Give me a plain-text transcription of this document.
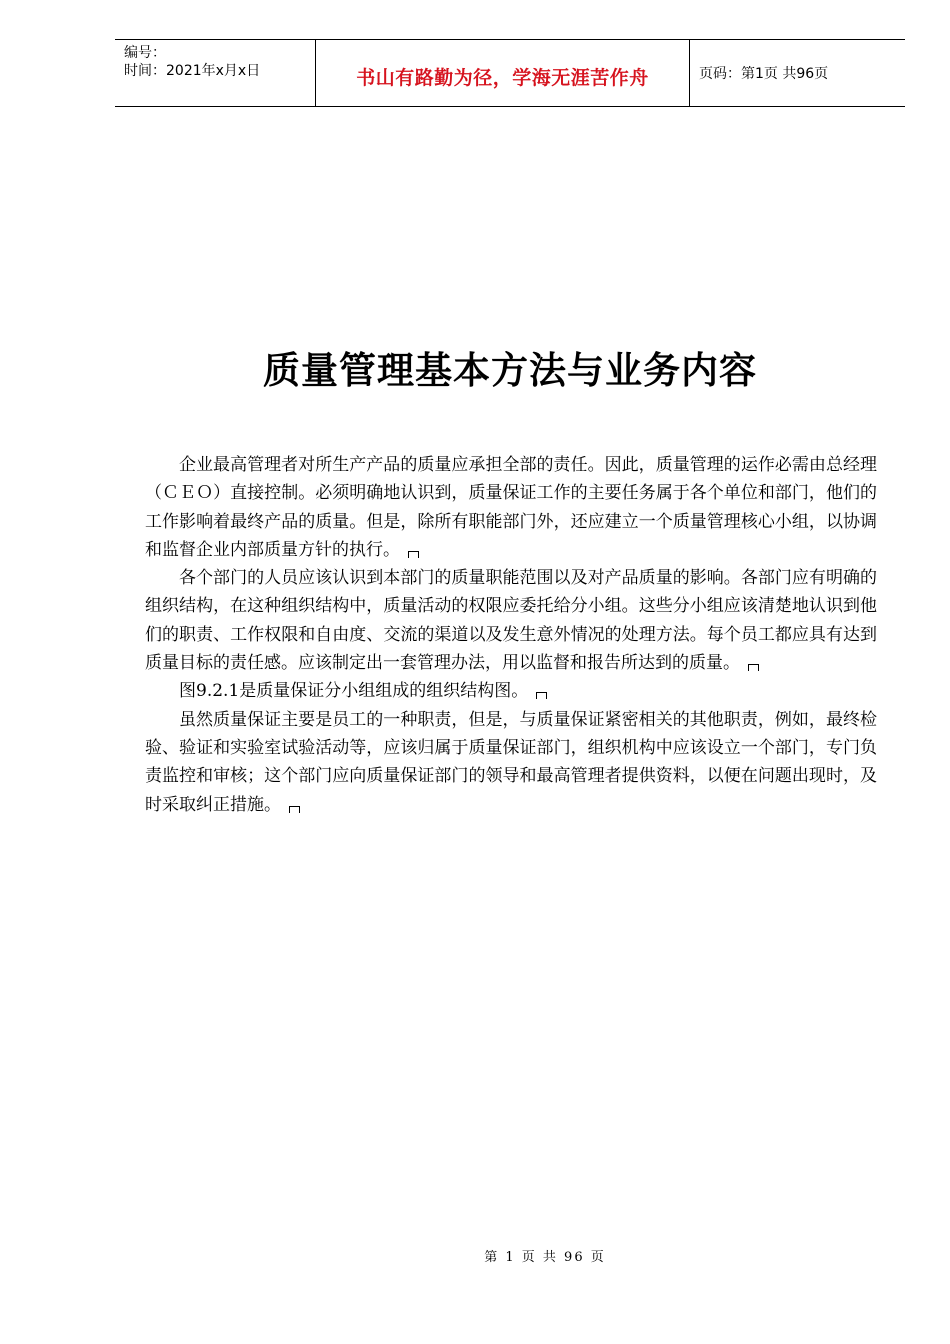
编号：
时间：2021年x月x日	书山有路勤为径，学海无涯苦作舟	页码：第1页 共96页
质量管理基本方法与业务内容

企业最高管理者对所生产产品的质量应承担全部的责任。因此，质量管理的运作必需由总经理（ＣＥＯ）直接控制。必须明确地认识到，质量保证工作的主要任务属于各个单位和部门，他们的工作影响着最终产品的质量。但是，除所有职能部门外，还应建立一个质量管理核心小组，以协调和监督企业内部质量方针的执行。

各个部门的人员应该认识到本部门的质量职能范围以及对产品质量的影响。各部门应有明确的组织结构，在这种组织结构中，质量活动的权限应委托给分小组。这些分小组应该清楚地认识到他们的职责、工作权限和自由度、交流的渠道以及发生意外情况的处理方法。每个员工都应具有达到质量目标的责任感。应该制定出一套管理办法，用以监督和报告所达到的质量。

图9.2.1是质量保证分小组组成的组织结构图。

虽然质量保证主要是员工的一种职责，但是，与质量保证紧密相关的其他职责，例如，最终检验、验证和实验室试验活动等，应该归属于质量保证部门，组织机构中应该设立一个部门，专门负责监控和审核；这个部门应向质量保证部门的领导和最高管理者提供资料，以便在问题出现时，及时采取纠正措施。

第 1 页 共 96 页
